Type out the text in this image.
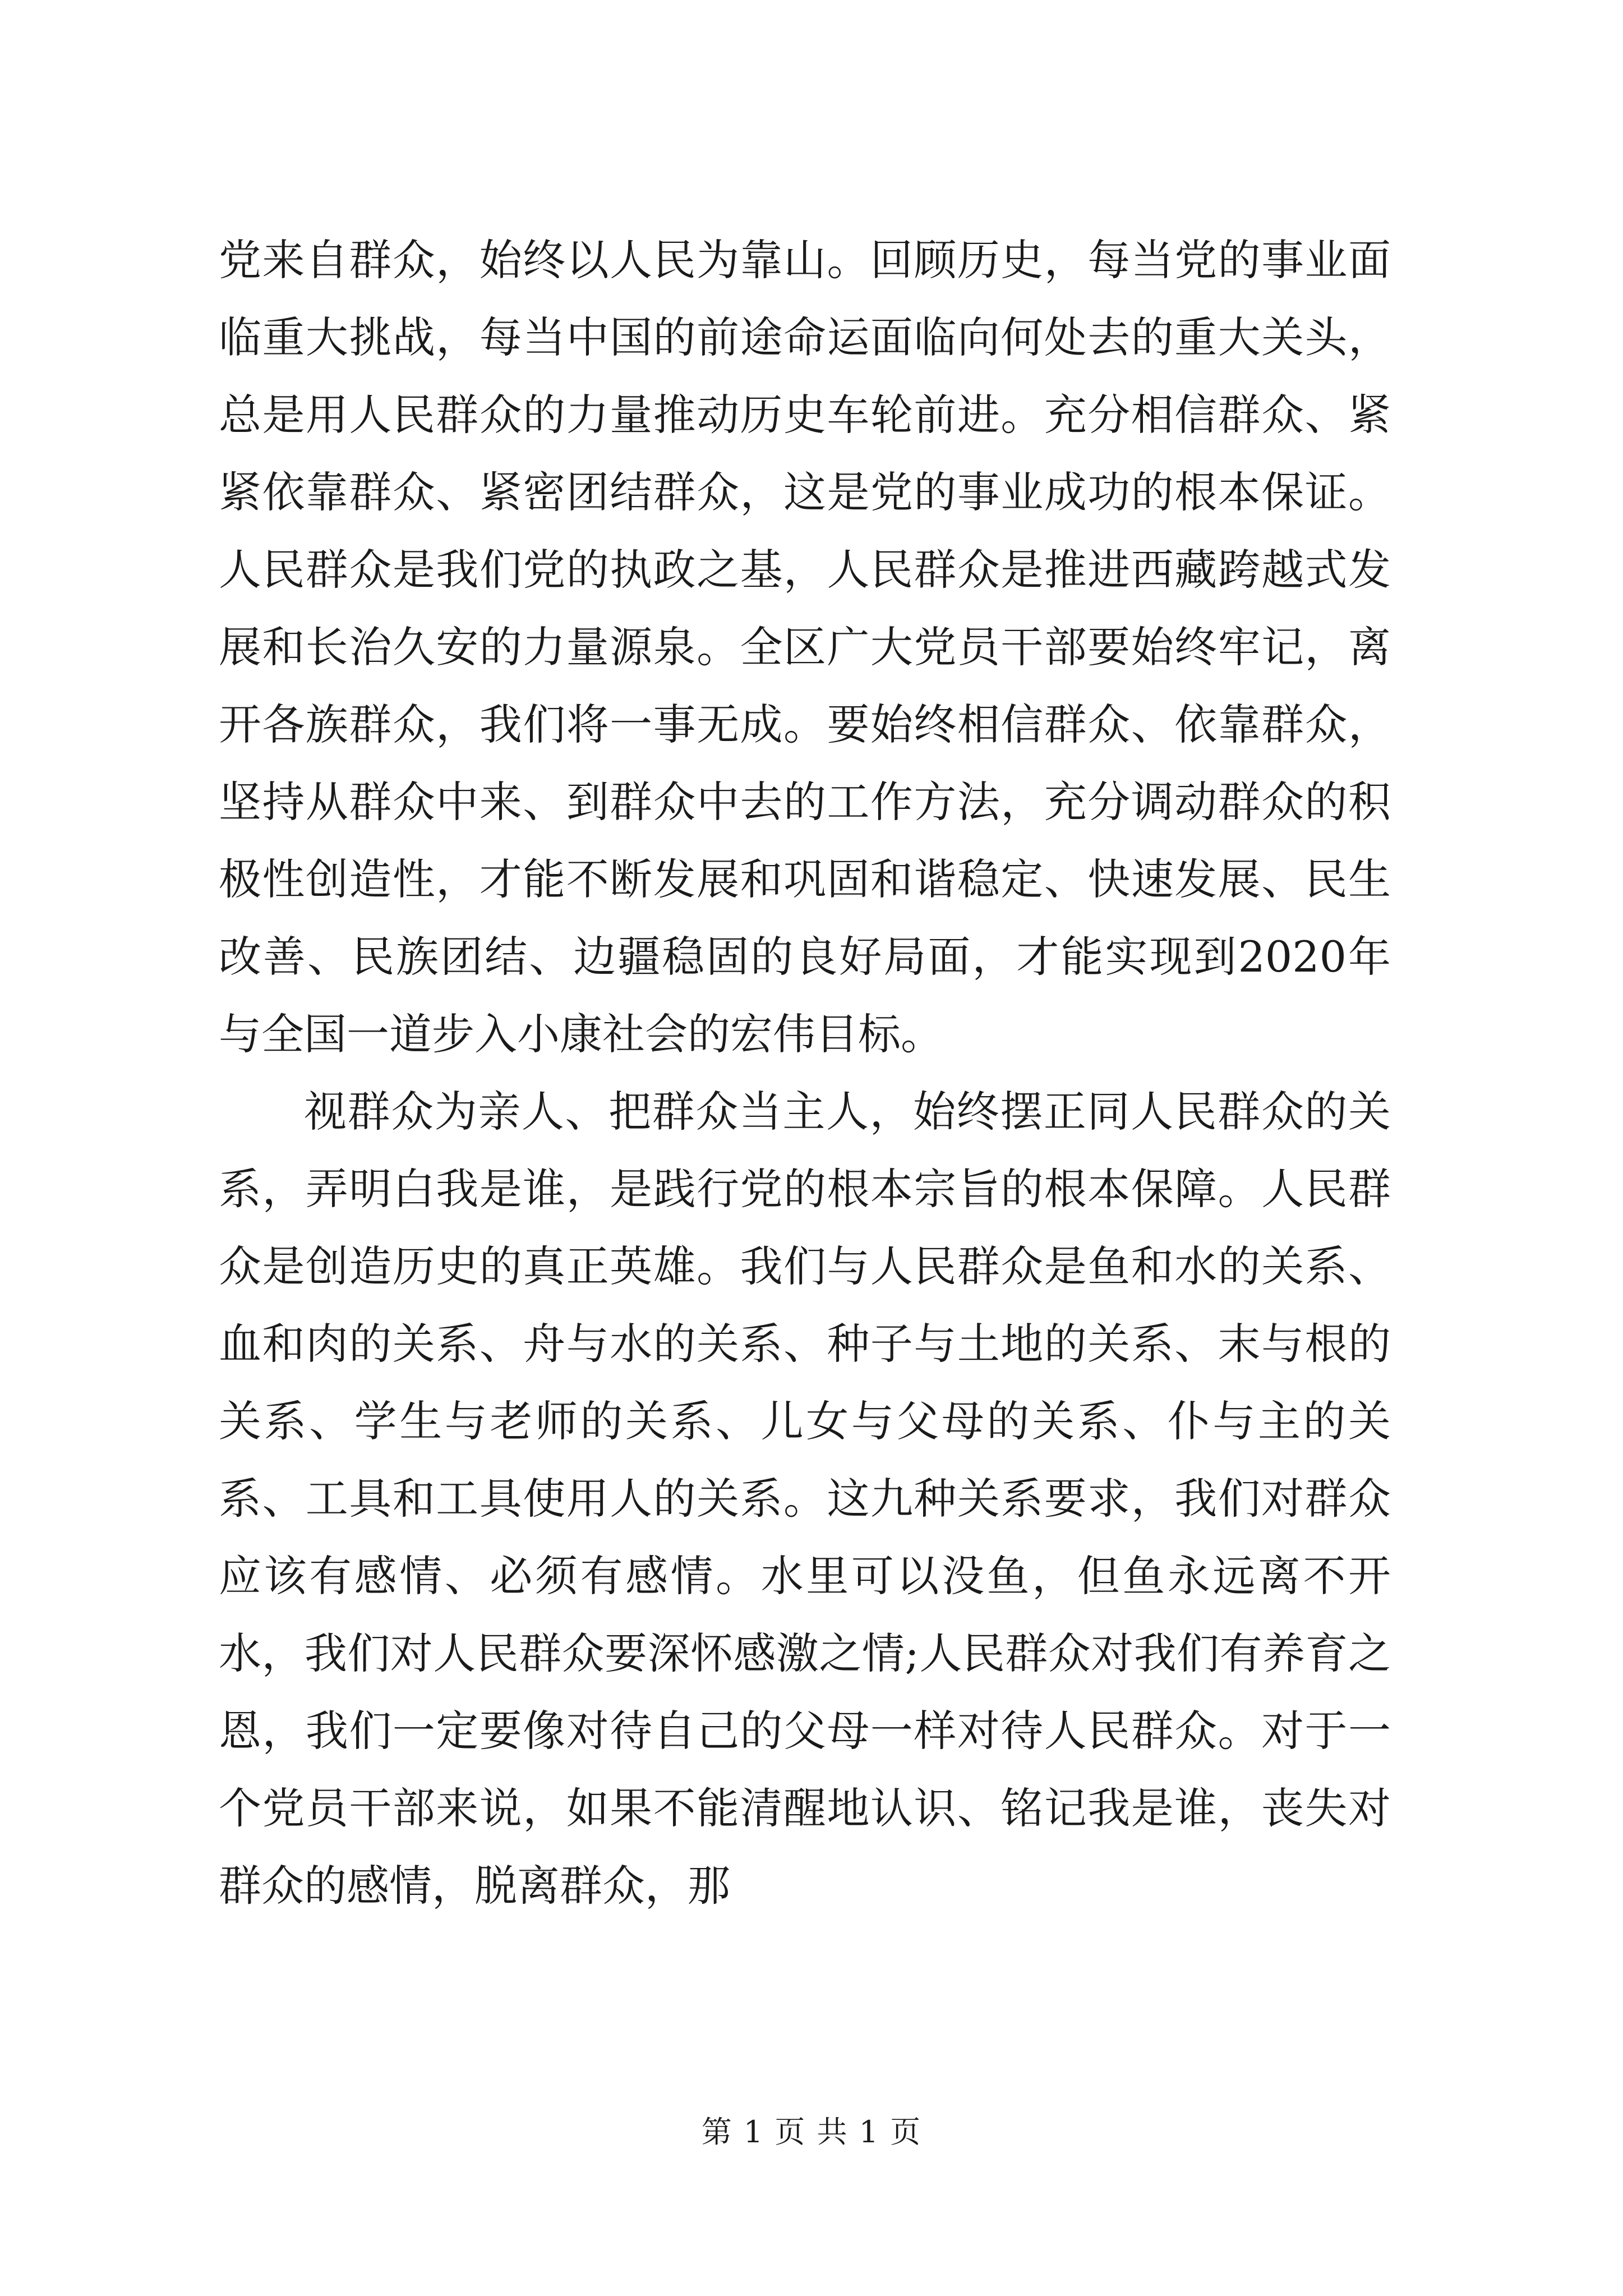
党来自群众，始终以人民为靠山。回顾历史，每当党的事业面临重大挑战，每当中国的前途命运面临向何处去的重大关头，总是用人民群众的力量推动历史车轮前进。充分相信群众、紧紧依靠群众、紧密团结群众，这是党的事业成功的根本保证。人民群众是我们党的执政之基，人民群众是推进西藏跨越式发展和长治久安的力量源泉。全区广大党员干部要始终牢记，离开各族群众，我们将一事无成。要始终相信群众、依靠群众，坚持从群众中来、到群众中去的工作方法，充分调动群众的积极性创造性，才能不断发展和巩固和谐稳定、快速发展、民生改善、民族团结、边疆稳固的良好局面，才能实现到2020年与全国一道步入小康社会的宏伟目标。

视群众为亲人、把群众当主人，始终摆正同人民群众的关系，弄明白我是谁，是践行党的根本宗旨的根本保障。人民群众是创造历史的真正英雄。我们与人民群众是鱼和水的关系、血和肉的关系、舟与水的关系、种子与土地的关系、末与根的关系、学生与老师的关系、儿女与父母的关系、仆与主的关系、工具和工具使用人的关系。这九种关系要求，我们对群众应该有感情、必须有感情。水里可以没鱼，但鱼永远离不开水，我们对人民群众要深怀感激之情;人民群众对我们有养育之恩，我们一定要像对待自己的父母一样对待人民群众。对于一个党员干部来说，如果不能清醒地认识、铭记我是谁，丧失对群众的感情，脱离群众，那

第 1 页 共 1 页
